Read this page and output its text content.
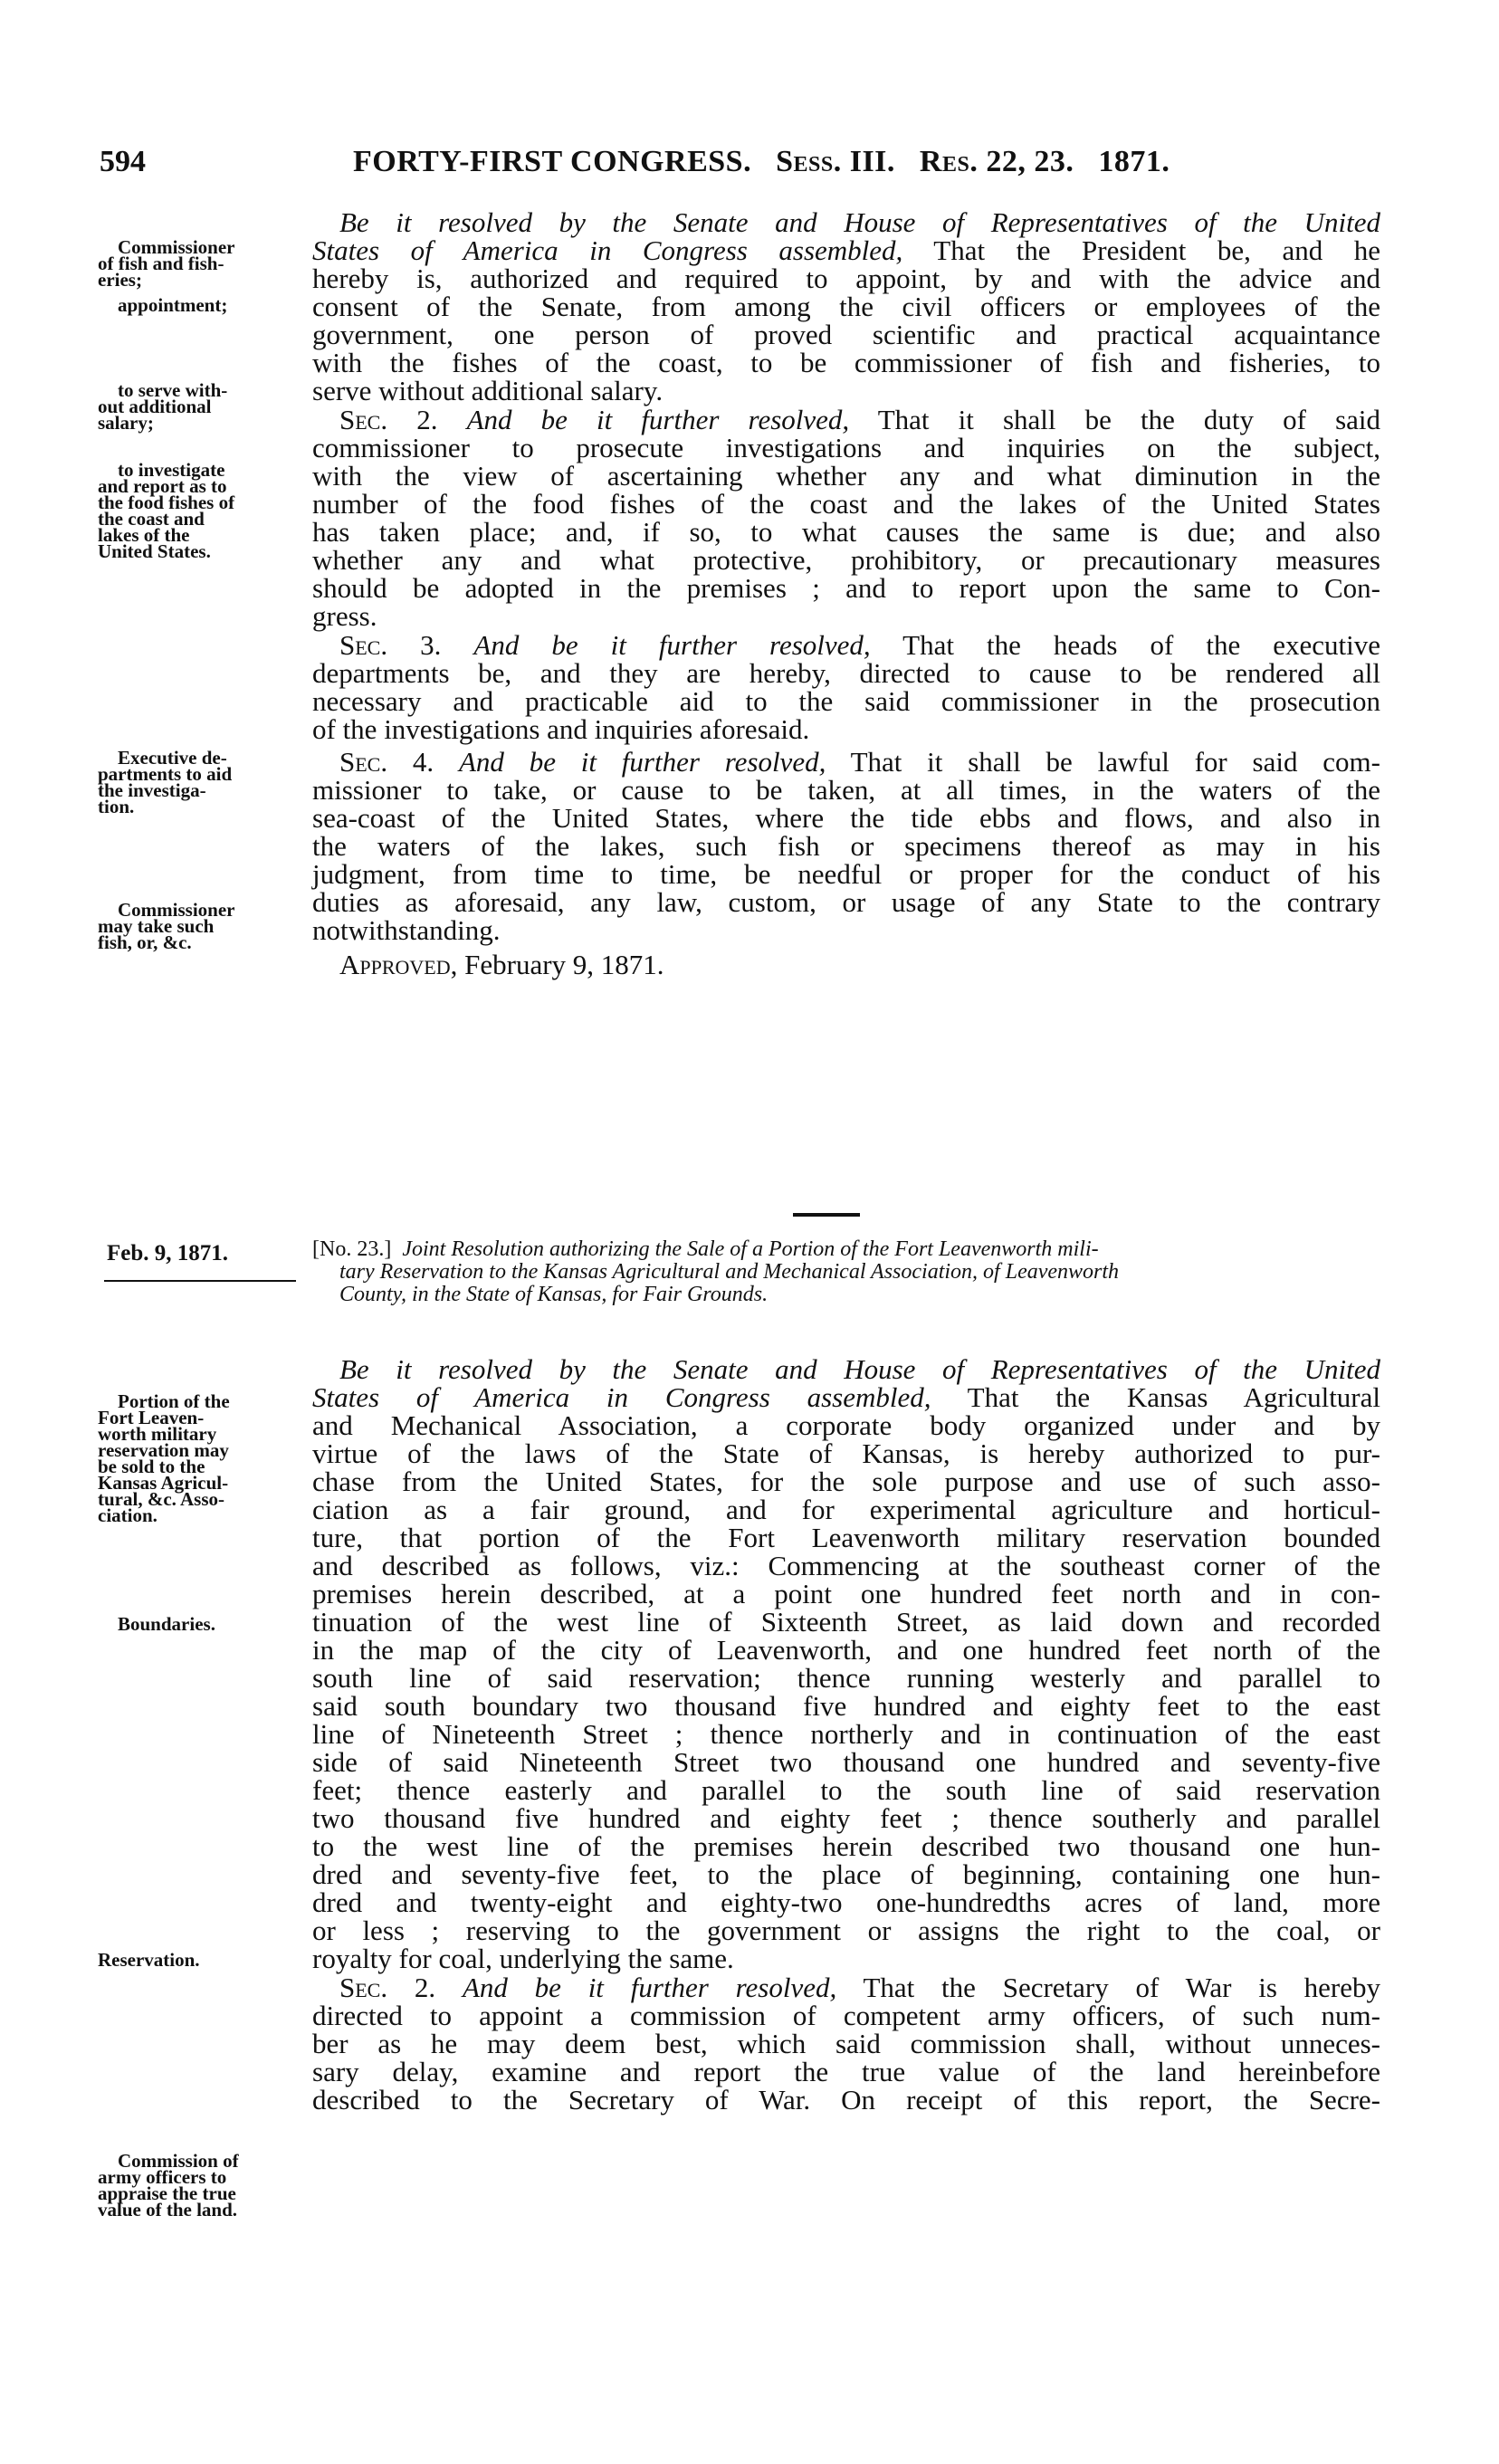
594	FORTY-FIRST CONGRESS. Sess. III. Res. 22, 23. 1871.
Be it resolved by the Senate and House of Representatives of the United
States of America in Congress assembled, That the President be, and he
hereby is, authorized and required to appoint, by and with the advice and
consent of the Senate, from among the civil officers or employees of the
government, one person of proved scientific and practical acquaintance
with the fishes of the coast, to be commissioner of fish and fisheries, to
serve without additional salary.
Sec. 2. And be it further resolved, That it shall be the duty of said
commissioner to prosecute investigations and inquiries on the subject,
with the view of ascertaining whether any and what diminution in the
number of the food fishes of the coast and the lakes of the United States
has taken place; and, if so, to what causes the same is due; and also
whether any and what protective, prohibitory, or precautionary measures
should be adopted in the premises ; and to report upon the same to Con-
gress.
Sec. 3. And be it further resolved, That the heads of the executive
departments be, and they are hereby, directed to cause to be rendered all
necessary and practicable aid to the said commissioner in the prosecution
of the investigations and inquiries aforesaid.
Sec. 4. And be it further resolved, That it shall be lawful for said com-
missioner to take, or cause to be taken, at all times, in the waters of the
sea-coast of the United States, where the tide ebbs and flows, and also in
the waters of the lakes, such fish or specimens thereof as may in his
judgment, from time to time, be needful or proper for the conduct of his
duties as aforesaid, any law, custom, or usage of any State to the contrary
notwithstanding.
Approved, February 9, 1871.
Commissioner
of fish and fish-
eries;
appointment;
to serve with-
out additional
salary;
to investigate
and report as to
the food fishes of
the coast and
lakes of the
United States.
Executive de-
partments to aid
the investiga-
tion.
Commissioner
may take such
fish, or, &c.
Feb. 9, 1871.	[No. 23.] Joint Resolution authorizing the Sale of a Portion of the Fort Leavenworth mili-
tary Reservation to the Kansas Agricultural and Mechanical Association, of Leavenworth
County, in the State of Kansas, for Fair Grounds.
Be it resolved by the Senate and House of Representatives of the United
States of America in Congress assembled, That the Kansas Agricultural
and Mechanical Association, a corporate body organized under and by
virtue of the laws of the State of Kansas, is hereby authorized to pur-
chase from the United States, for the sole purpose and use of such asso-
ciation as a fair ground, and for experimental agriculture and horticul-
ture, that portion of the Fort Leavenworth military reservation bounded
and described as follows, viz.: Commencing at the southeast corner of the
premises herein described, at a point one hundred feet north and in con-
tinuation of the west line of Sixteenth Street, as laid down and recorded
in the map of the city of Leavenworth, and one hundred feet north of the
south line of said reservation; thence running westerly and parallel to
said south boundary two thousand five hundred and eighty feet to the east
line of Nineteenth Street ; thence northerly and in continuation of the east
side of said Nineteenth Street two thousand one hundred and seventy-five
feet; thence easterly and parallel to the south line of said reservation
two thousand five hundred and eighty feet ; thence southerly and parallel
to the west line of the premises herein described two thousand one hun-
dred and seventy-five feet, to the place of beginning, containing one hun-
dred and twenty-eight and eighty-two one-hundredths acres of land, more
or less ; reserving to the government or assigns the right to the coal, or
royalty for coal, underlying the same.
Sec. 2. And be it further resolved, That the Secretary of War is hereby
directed to appoint a commission of competent army officers, of such num-
ber as he may deem best, which said commission shall, without unneces-
sary delay, examine and report the true value of the land hereinbefore
described to the Secretary of War. On receipt of this report, the Secre-
Portion of the
Fort Leaven-
worth military
reservation may
be sold to the
Kansas Agricul-
tural, &c. Asso-
ciation.
Boundaries.
Reservation.
Commission of
army officers to
appraise the true
value of the land.
